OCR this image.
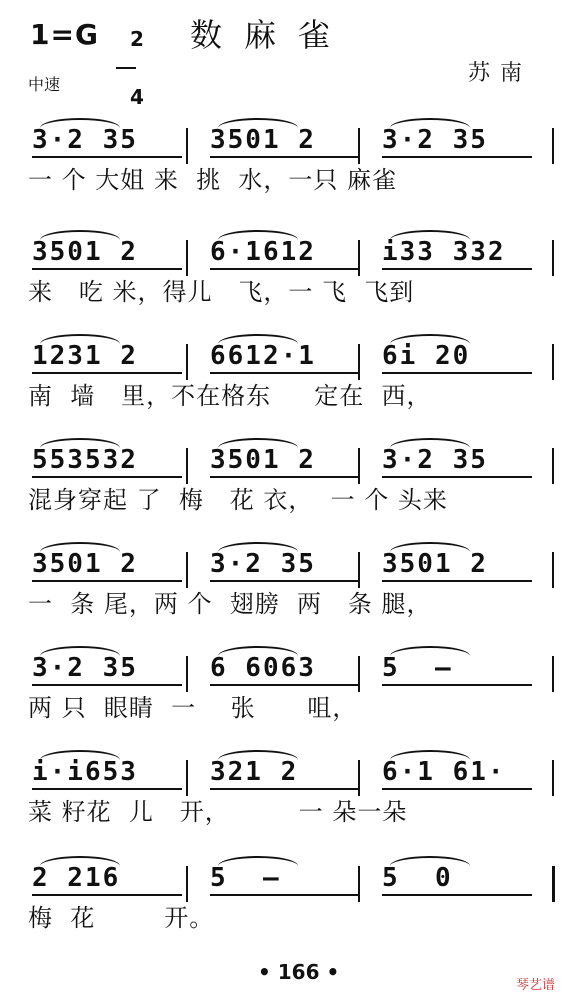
1=G	2

4

数麻雀
苏南
中速
3·2 35	3501 2	3·2 35
一 个 大姐 来  挑  水，一只 麻雀
3501 2	6·1612	i33 332
来   吃 米，得儿   飞，一 飞  飞到
1231 2	6612·1	6i 20
南  墙   里，不在格东     定在  西，
553532	3501 2	3·2 35
混身穿起 了  梅   花 衣，  一 个 头来
3501 2	3·2 35	3501 2
一  条 尾，两 个  翅膀  两   条 腿，
3·2 35	6 6063	5  —
两 只  眼睛  一    张      咀，
i·i653	321 2	6·1 61·
菜 籽花  儿   开，        一 朵一朵
2 216	5  —	5  0
梅  花        开。
• 166 •
琴艺谱
